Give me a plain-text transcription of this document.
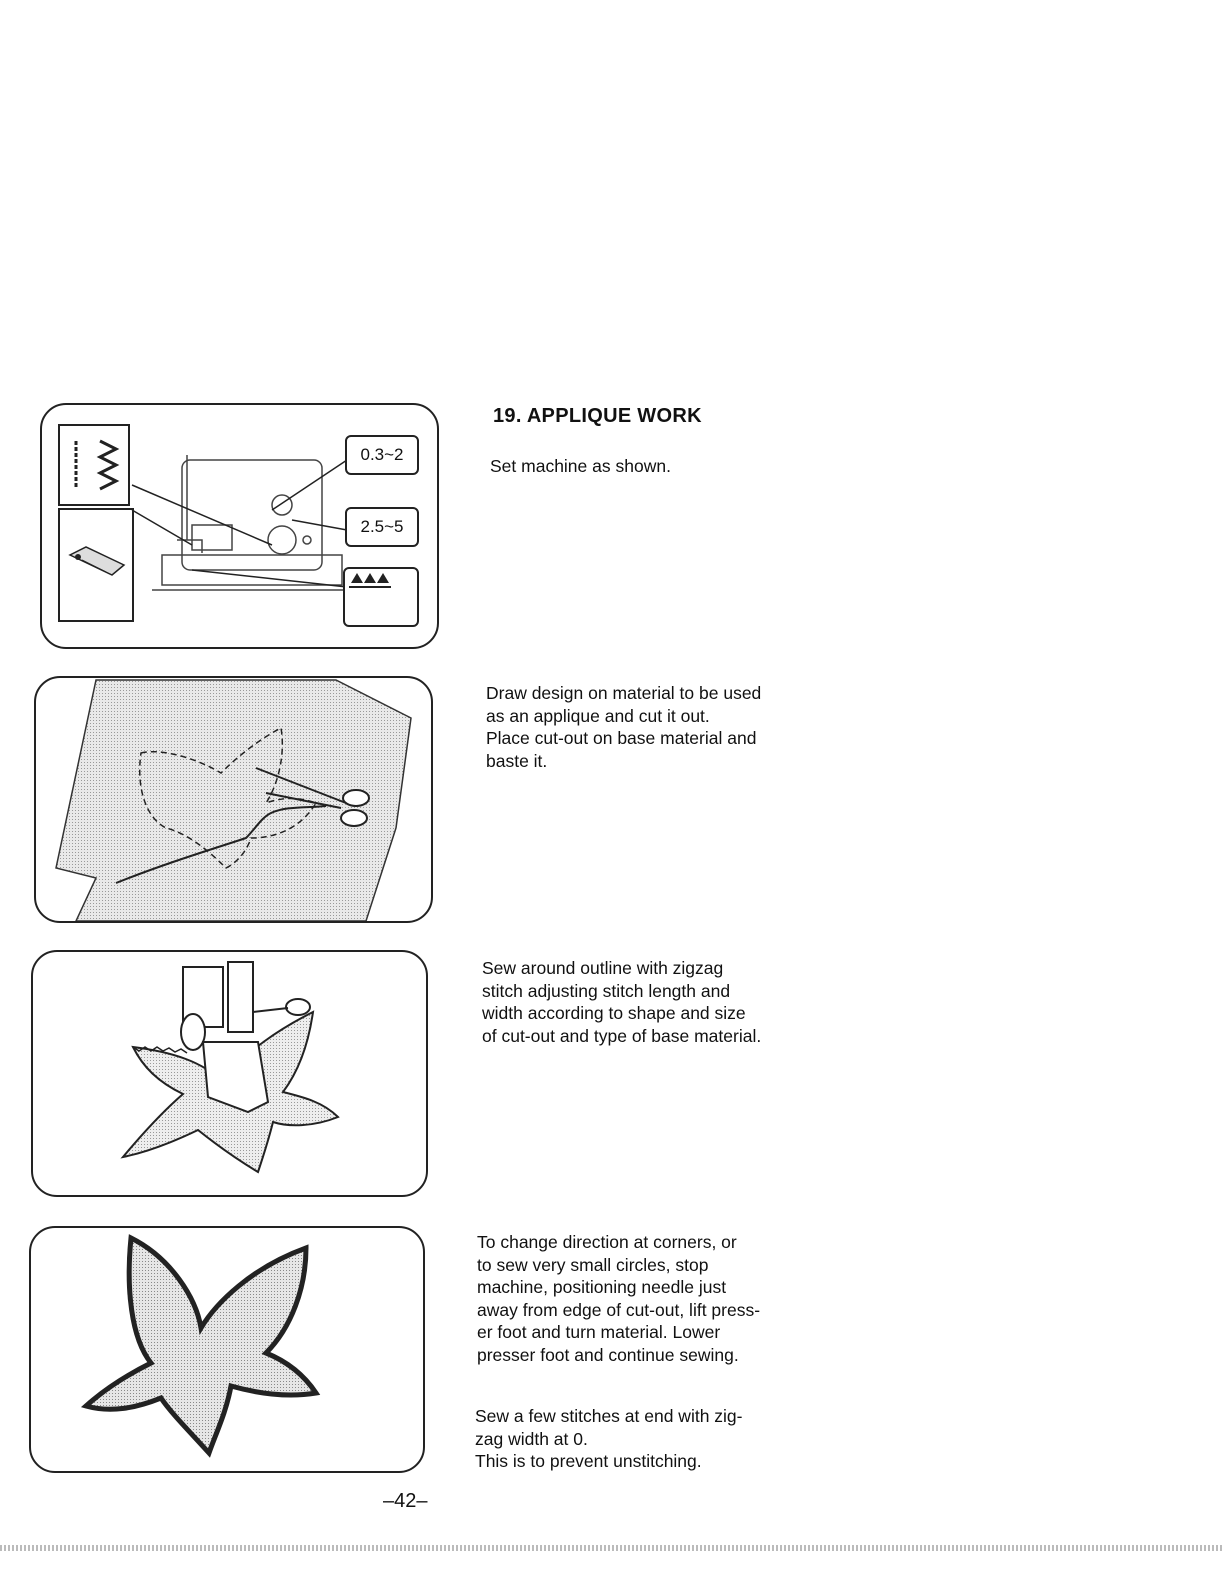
0.3~2
2.5~5
19. APPLIQUE WORK
Set machine as shown.
Draw design on material to be used
as an applique and cut it out.
Place cut-out on base material and
baste it.
Sew around outline with zigzag
stitch adjusting stitch length and
width according to shape and size
of cut-out and type of base material.
To change direction at corners, or
to sew very small circles, stop
machine, positioning needle just
away from edge of cut-out, lift press-
er foot and turn material. Lower
presser foot and continue sewing.
Sew a few stitches at end with zig-
zag width at 0.
This is to prevent unstitching.
–42–
